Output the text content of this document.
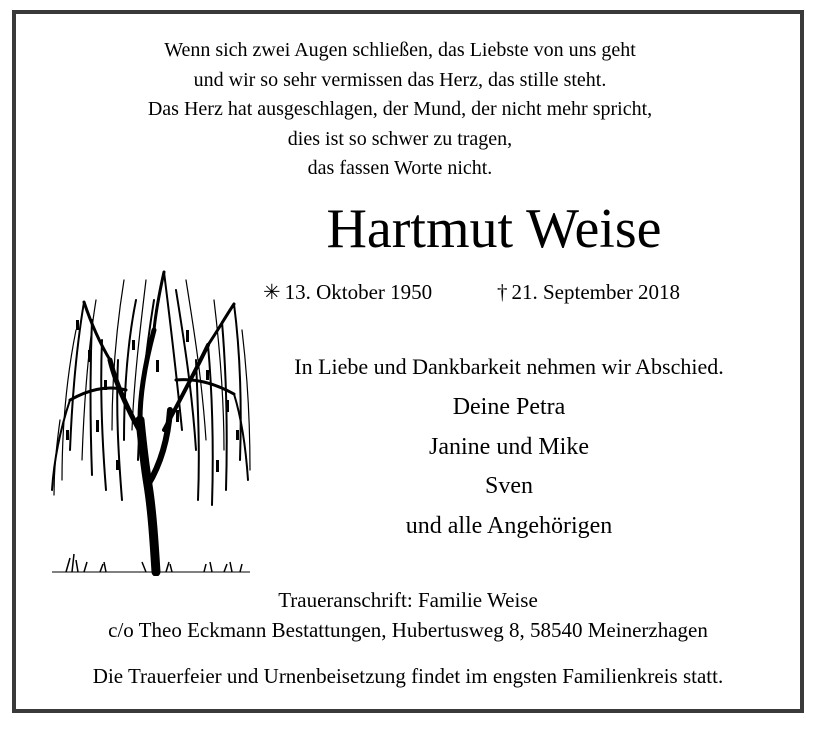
Wenn sich zwei Augen schließen, das Liebste von uns geht
und wir so sehr vermissen das Herz, das stille steht.
Das Herz hat ausgeschlagen, der Mund, der nicht mehr spricht,
dies ist so schwer zu tragen,
das fassen Worte nicht.
Hartmut Weise
✳ 13. Oktober 1950	† 21. September 2018
In Liebe und Dankbarkeit nehmen wir Abschied.
Deine Petra
Janine und Mike
Sven
und alle Angehörigen
Traueranschrift: Familie Weise
c/o Theo Eckmann Bestattungen, Hubertusweg 8, 58540 Meinerzhagen
Die Trauerfeier und Urnenbeisetzung findet im engsten Familienkreis statt.
